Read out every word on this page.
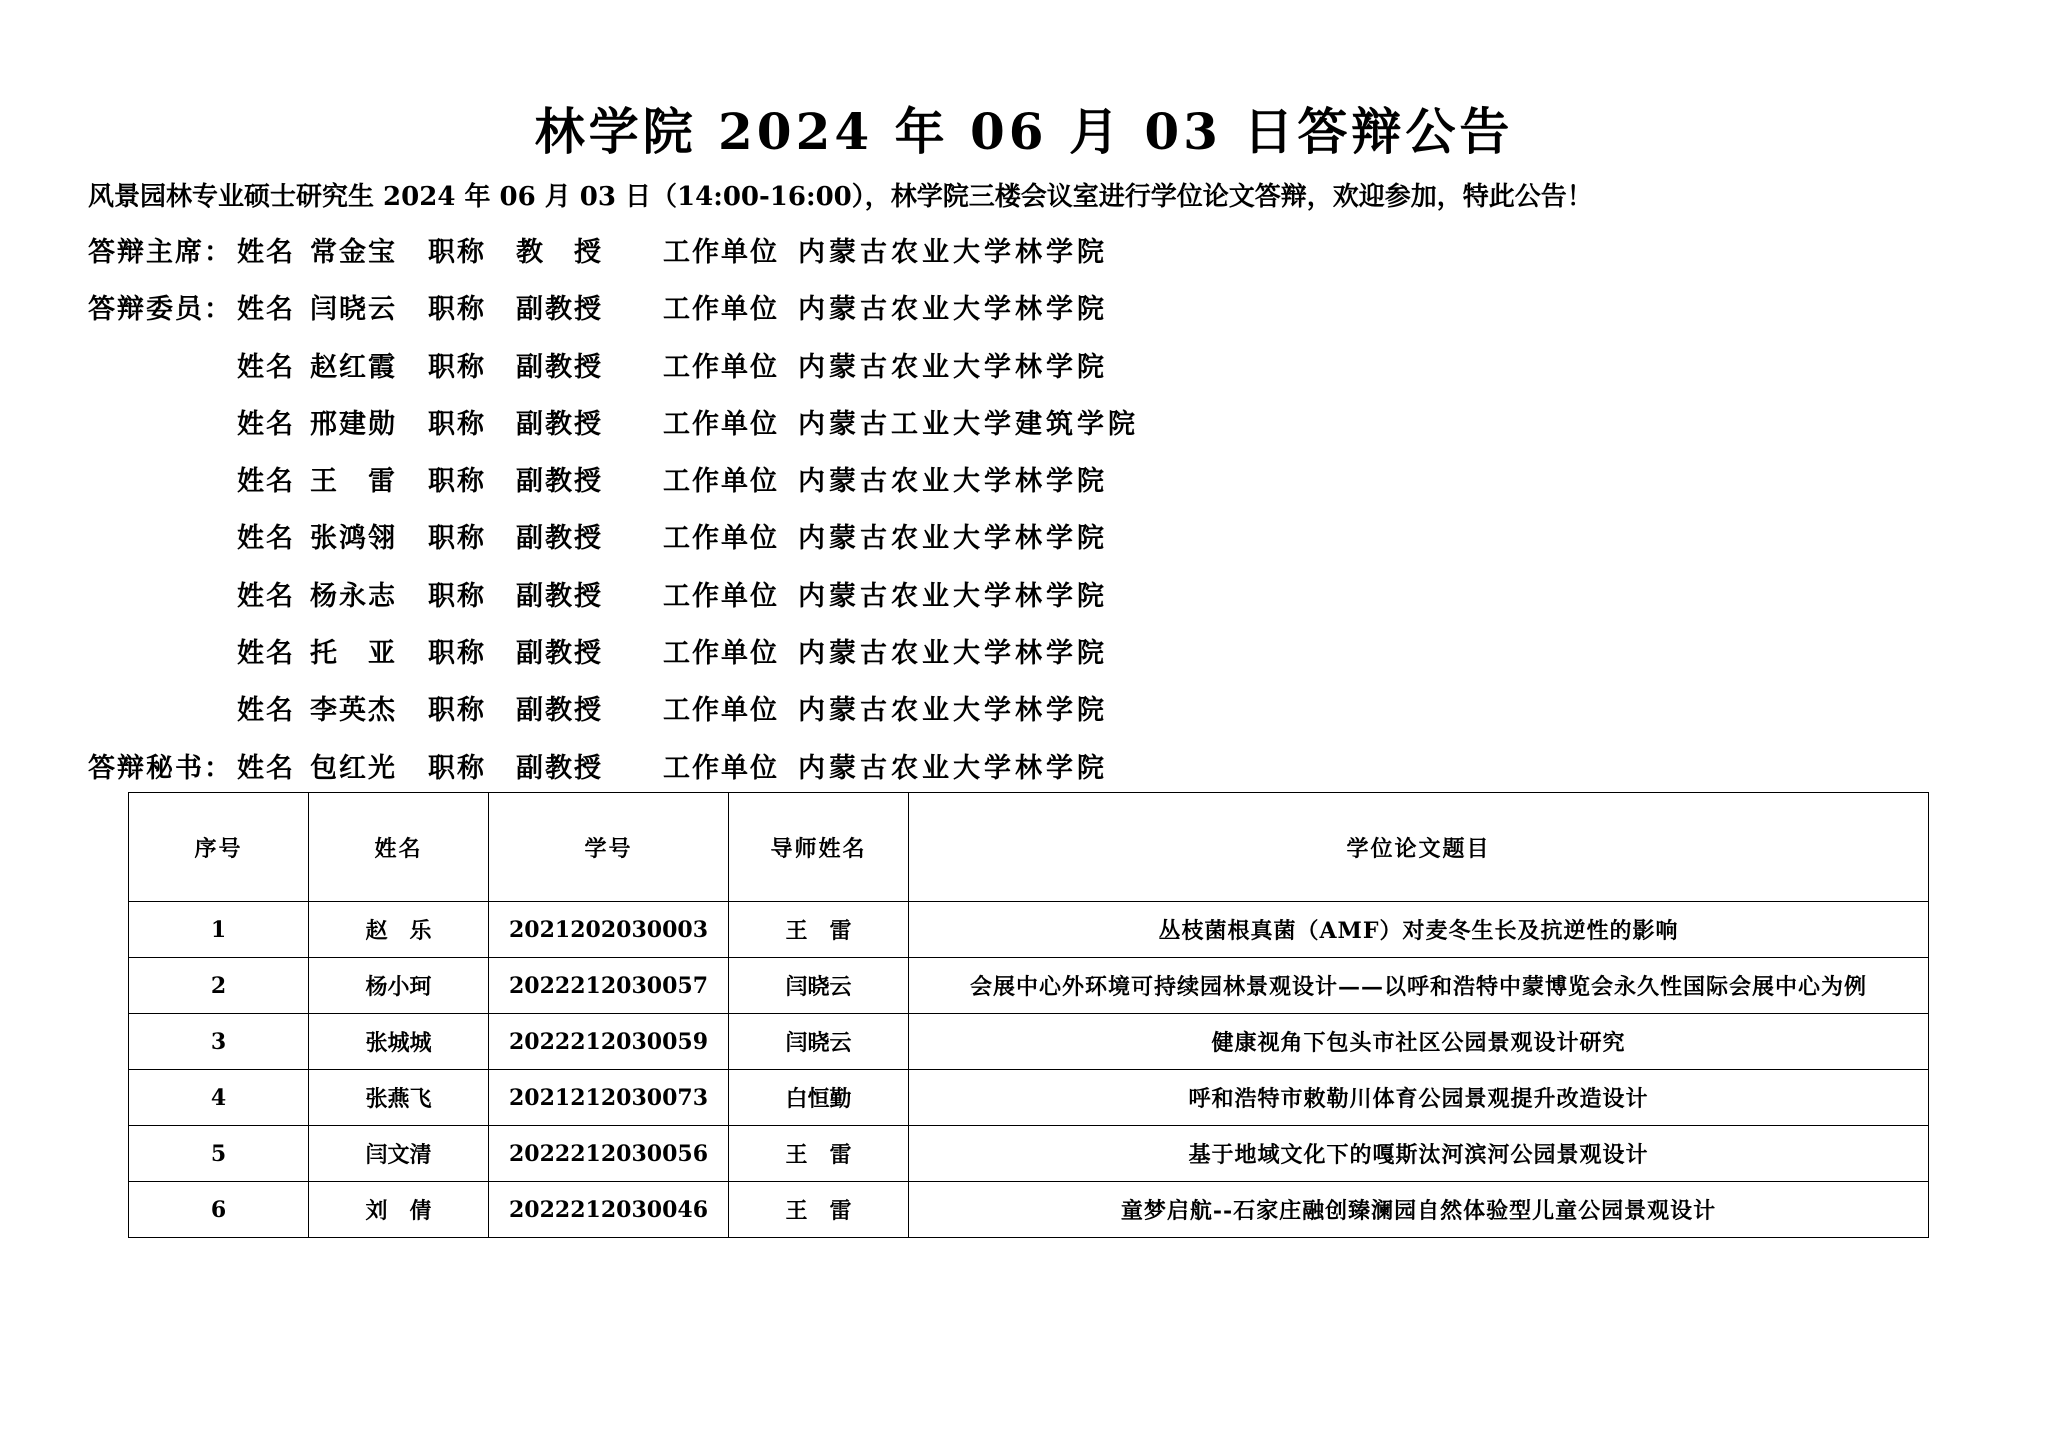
林学院 2024 年 06 月 03 日答辩公告
风景园林专业硕士研究生 2024 年 06 月 03 日（14:00-16:00），林学院三楼会议室进行学位论文答辩，欢迎参加，特此公告！
答辩主席： 姓名 常金宝 职称 教　授 工作单位 内蒙古农业大学林学院
答辩委员： 姓名 闫晓云 职称 副教授 工作单位 内蒙古农业大学林学院
姓名 赵红霞 职称 副教授 工作单位 内蒙古农业大学林学院
姓名 邢建勋 职称 副教授 工作单位 内蒙古工业大学建筑学院
姓名 王　雷 职称 副教授 工作单位 内蒙古农业大学林学院
姓名 张鸿翎 职称 副教授 工作单位 内蒙古农业大学林学院
姓名 杨永志 职称 副教授 工作单位 内蒙古农业大学林学院
姓名 托　亚 职称 副教授 工作单位 内蒙古农业大学林学院
姓名 李英杰 职称 副教授 工作单位 内蒙古农业大学林学院
答辩秘书： 姓名 包红光 职称 副教授 工作单位 内蒙古农业大学林学院
序号	姓名	学号	导师姓名	学位论文题目
1	赵　乐	2021202030003	王　雷	丛枝菌根真菌（AMF）对麦冬生长及抗逆性的影响
2	杨小珂	2022212030057	闫晓云	会展中心外环境可持续园林景观设计——以呼和浩特中蒙博览会永久性国际会展中心为例
3	张城城	2022212030059	闫晓云	健康视角下包头市社区公园景观设计研究
4	张燕飞	2021212030073	白恒勤	呼和浩特市敕勒川体育公园景观提升改造设计
5	闫文清	2022212030056	王　雷	基于地域文化下的嘎斯汰河滨河公园景观设计
6	刘　倩	2022212030046	王　雷	童梦启航--石家庄融创臻澜园自然体验型儿童公园景观设计
